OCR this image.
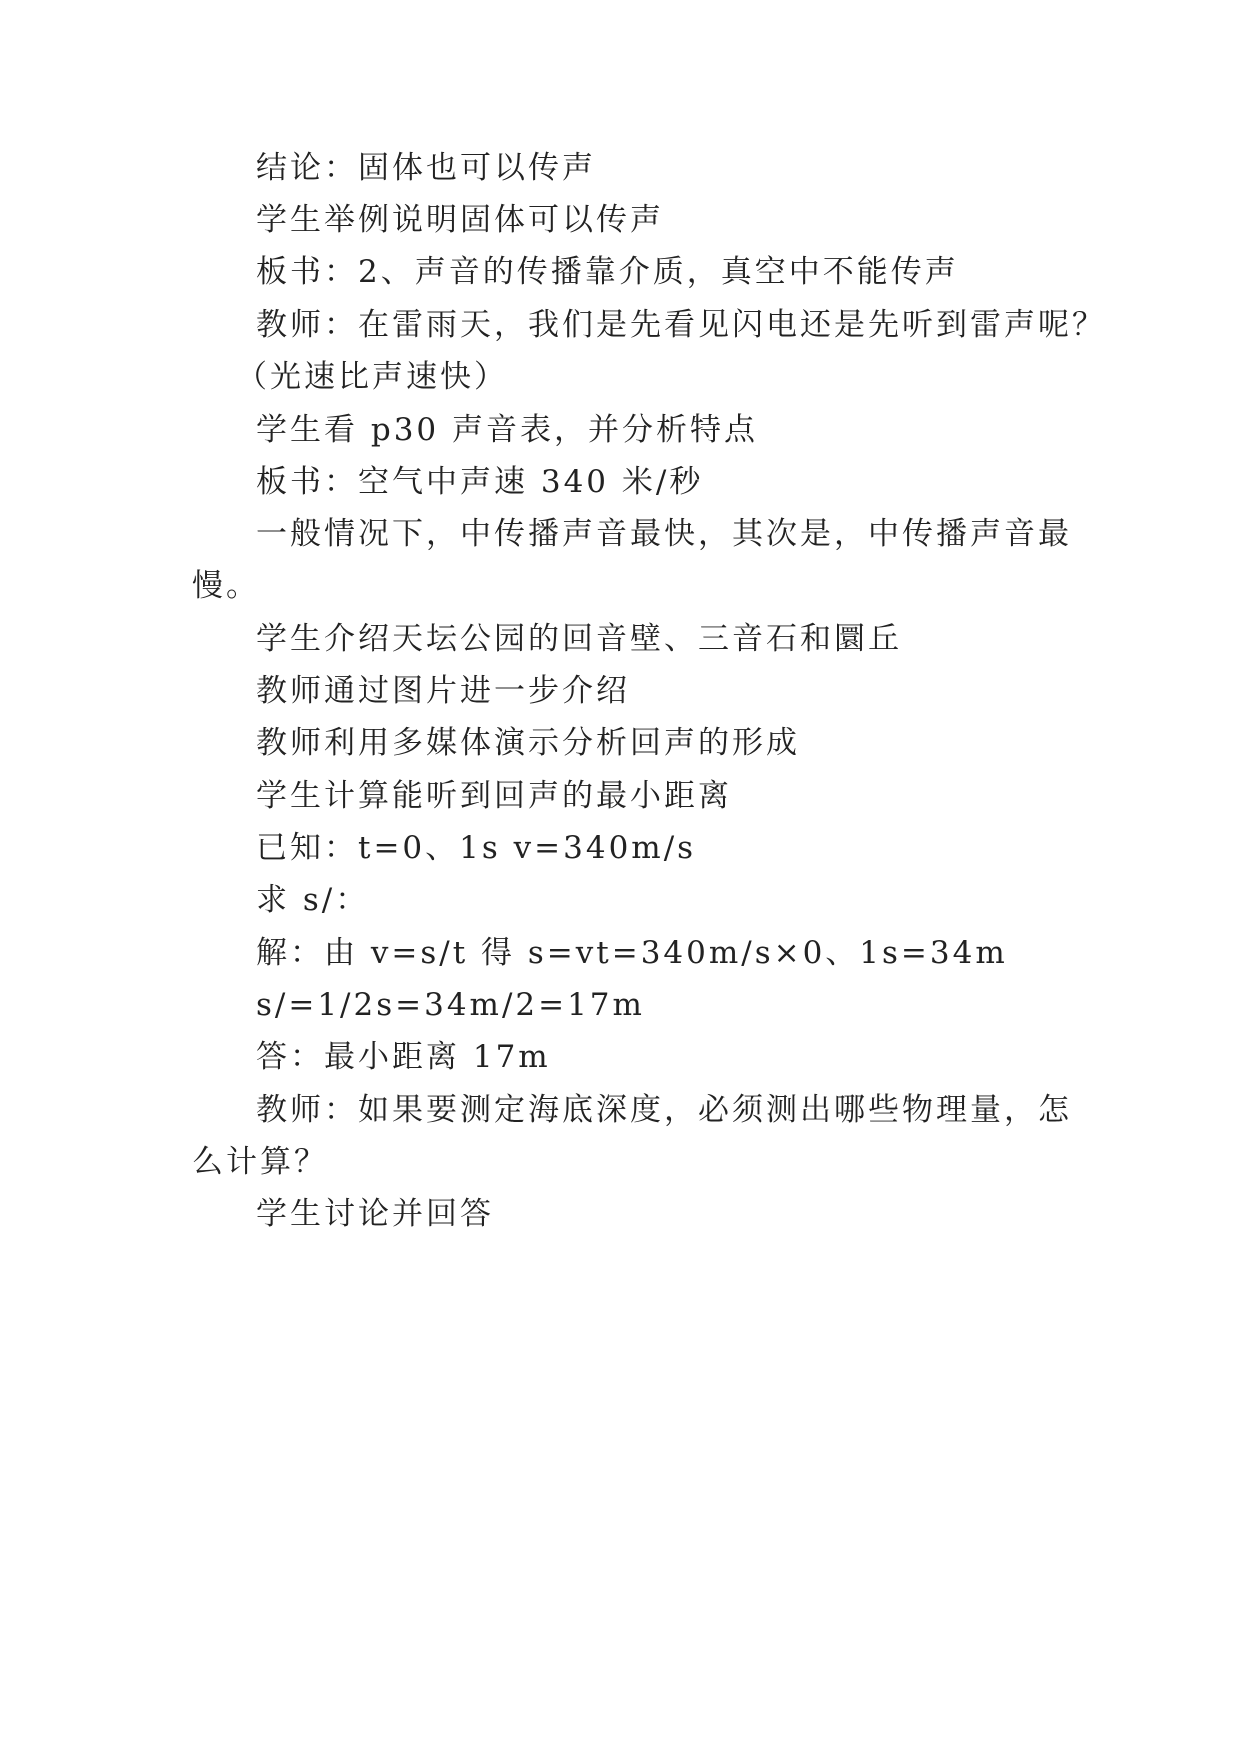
结论：固体也可以传声
学生举例说明固体可以传声
板书：2、声音的传播靠介质，真空中不能传声
教师：在雷雨天，我们是先看见闪电还是先听到雷声呢？
（光速比声速快）
学生看 p30 声音表，并分析特点
板书：空气中声速 340 米/秒
一般情况下，中传播声音最快，其次是，中传播声音最
慢。
学生介绍天坛公园的回音壁、三音石和圜丘
教师通过图片进一步介绍
教师利用多媒体演示分析回声的形成
学生计算能听到回声的最小距离
已知：t=0、1s v=340m/s
求 s/：
解：由 v=s/t 得 s=vt=340m/s×0、1s=34m
s/=1/2s=34m/2=17m
答：最小距离 17m
教师：如果要测定海底深度，必须测出哪些物理量，怎
么计算？
学生讨论并回答
